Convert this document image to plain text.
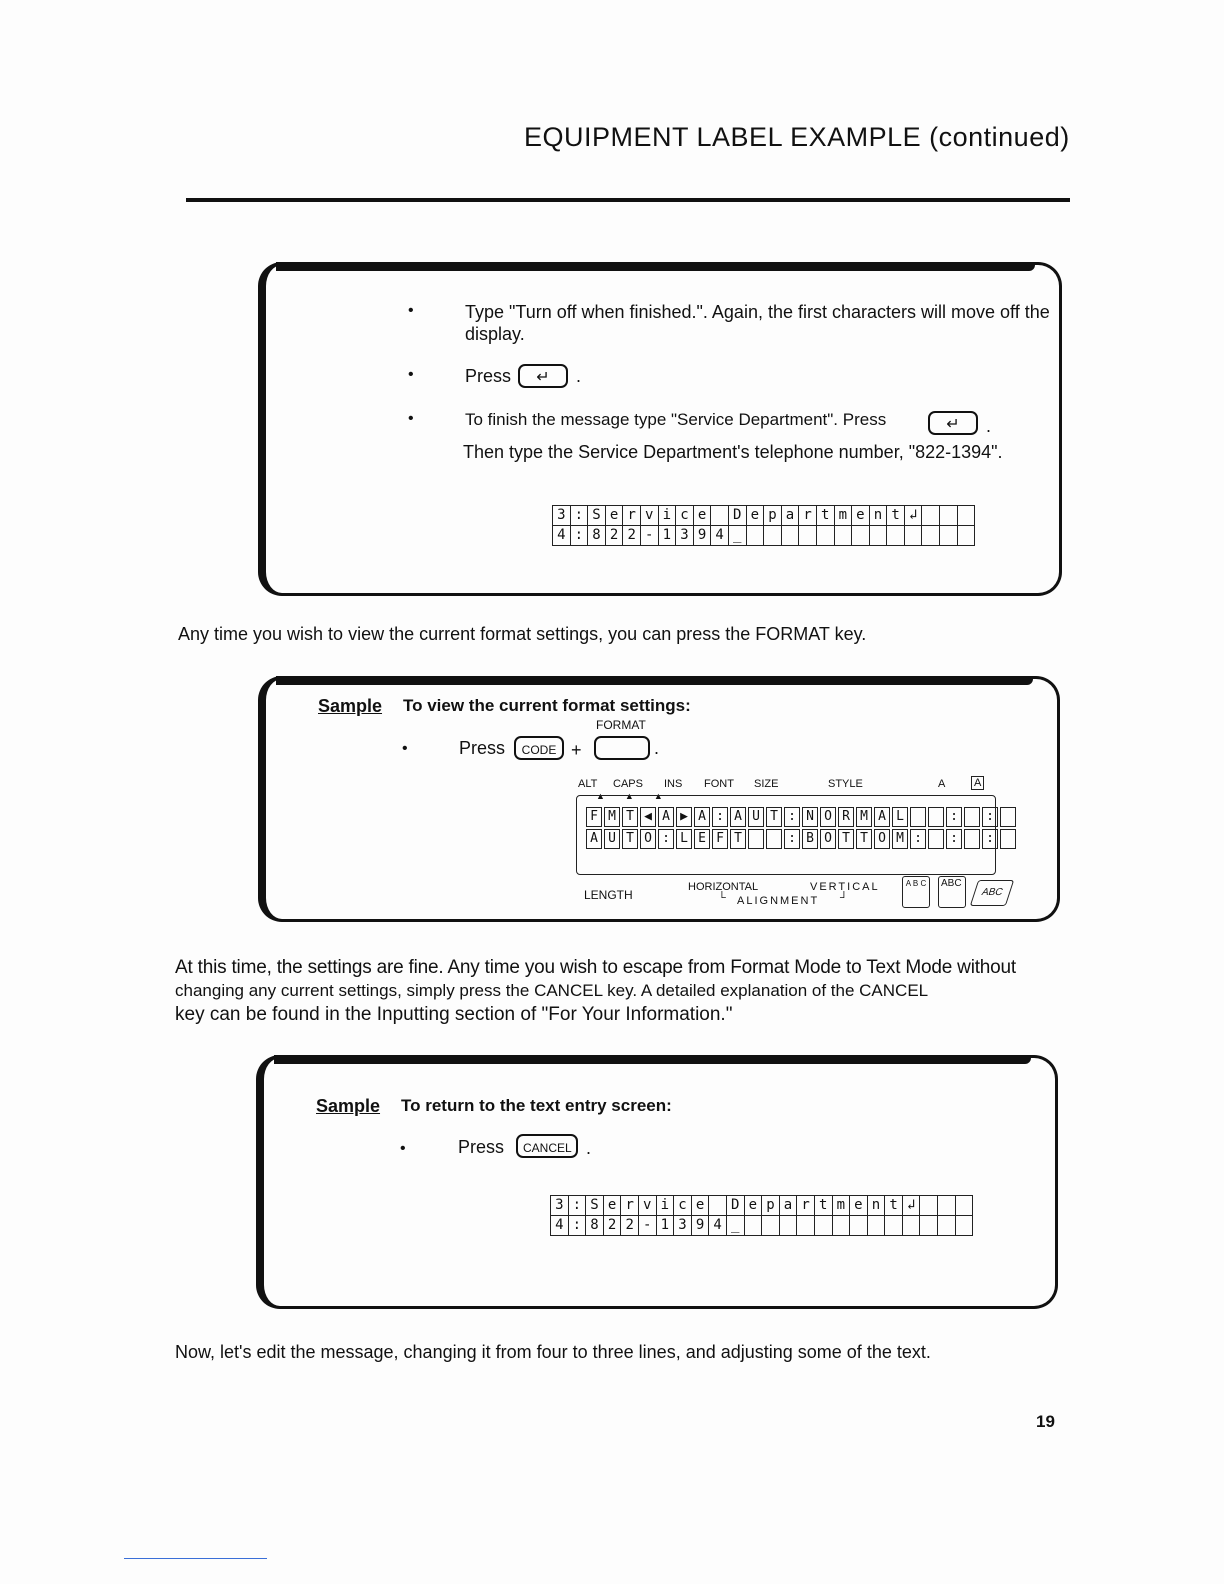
EQUIPMENT LABEL EXAMPLE (continued)
•	Type "Turn off when finished.". Again, the first characters will move off the
display.
•	Press	↵	.
•	To finish the message type "Service Department". Press	↵	.
Then type the Service Department's telephone number, "822-1394".
3	:	S	e	r	v	i	c	e		D	e	p	a	r	t	m	e	n	t	↲			
4	:	8	2	2	-	1	3	9	4	_													
Any time you wish to view the current format settings, you can press the FORMAT key.
Sample To view the current format settings:
FORMAT
•	Press	CODE +	.
ALT CAPS INS FONT SIZE	STYLE	A	A
▲▲▲
F	M	T	◀	A	▶	A	:	A	U	T	:	N	O	R	M	A	L			:		:	
A	U	T	O	:	L	E	F	T			:	B	O	T	T	O	M	:		:		:	
LENGTH
HORIZONTAL	VERTICAL
ALIGNMENT
└	┘
A B C	ABC
ABC
At this time, the settings are fine. Any time you wish to escape from Format Mode to Text Mode without
changing any current settings, simply press the CANCEL key. A detailed explanation of the CANCEL
key can be found in the Inputting section of "For Your Information."
Sample To return to the text entry screen:
•	Press	CANCEL .
3	:	S	e	r	v	i	c	e		D	e	p	a	r	t	m	e	n	t	↲			
4	:	8	2	2	-	1	3	9	4	_													
Now, let's edit the message, changing it from four to three lines, and adjusting some of the text.
19
